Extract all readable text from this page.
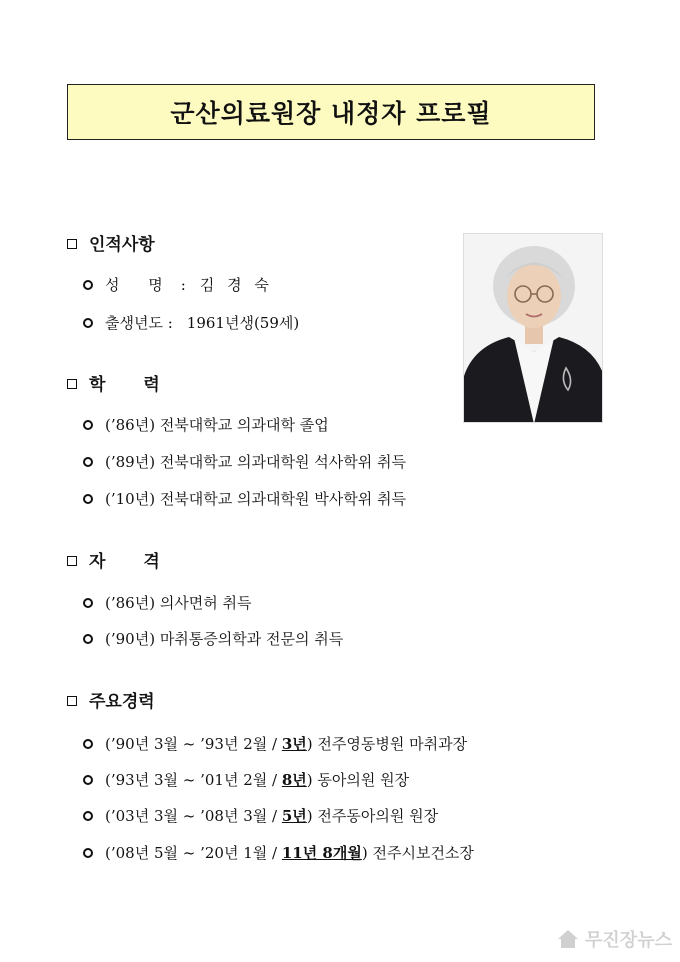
군산의료원장 내정자 프로필
인적사항
성 명 : 김 경 숙
출생년도 : 1961년생(59세)
학 력
(’86년) 전북대학교 의과대학 졸업
(’89년) 전북대학교 의과대학원 석사학위 취득
(’10년) 전북대학교 의과대학원 박사학위 취득
자 격
(’86년) 의사면허 취득
(’90년) 마취통증의학과 전문의 취득
주요경력
(’90년 3월 ~ ’93년 2월 / 3년 ) 전주영동병원 마취과장
(’93년 3월 ~ ’01년 2월 / 8년 ) 동아의원 원장
(’03년 3월 ~ ’08년 3월 / 5년 ) 전주동아의원 원장
(’08년 5월 ~ ’20년 1월 / 11년 8개월 ) 전주시보건소장
무진장뉴스
